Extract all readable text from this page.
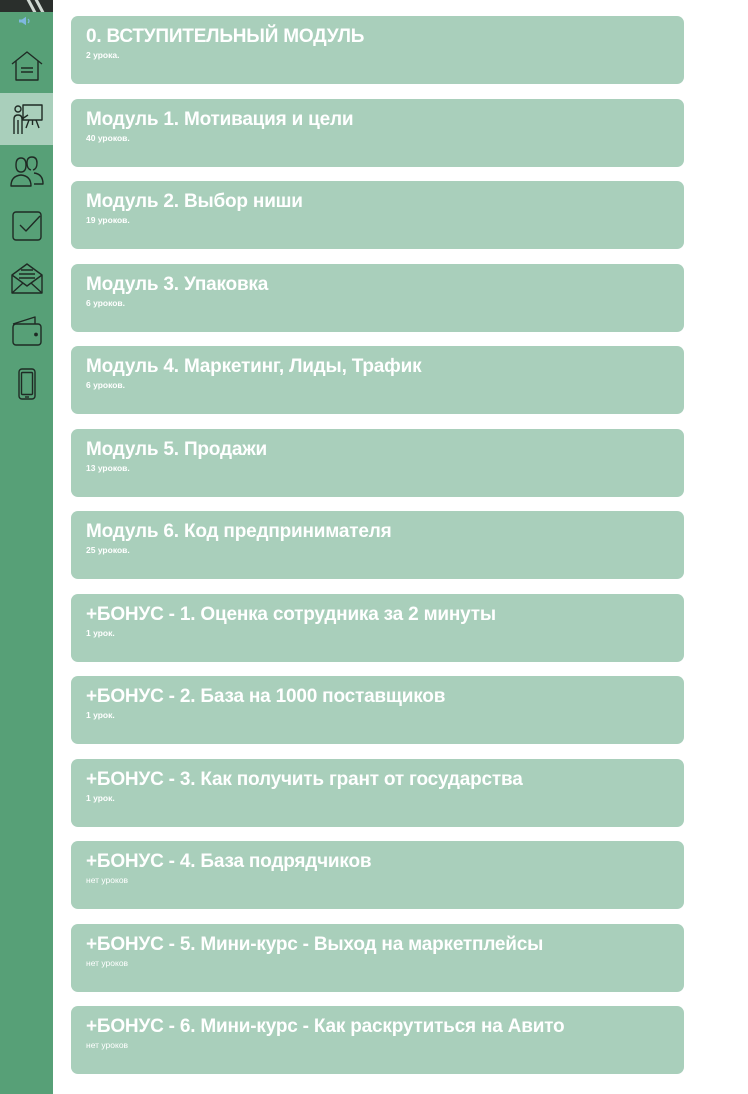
0. ВСТУПИТЕЛЬНЫЙ МОДУЛЬ
2 урока.
Модуль 1. Мотивация и цели
40 уроков.
Модуль 2. Выбор ниши
19 уроков.
Модуль 3. Упаковка
6 уроков.
Модуль 4. Маркетинг, Лиды, Трафик
6 уроков.
Модуль 5. Продажи
13 уроков.
Модуль 6. Код предпринимателя
25 уроков.
+БОНУС - 1. Оценка сотрудника за 2 минуты
1 урок.
+БОНУС - 2. База на 1000 поставщиков
1 урок.
+БОНУС - 3. Как получить грант от государства
1 урок.
+БОНУС - 4. База подрядчиков
нет уроков
+БОНУС - 5. Мини-курс - Выход на маркетплейсы
нет уроков
+БОНУС - 6. Мини-курс - Как раскрутиться на Авито
нет уроков
